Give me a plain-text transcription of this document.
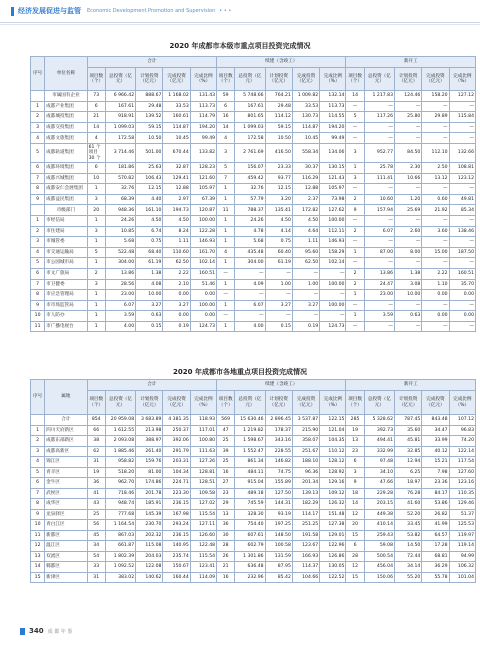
经济发展促进与监管 Economic Development Promotion and Supervision • • •
2020 年成都市本级市重点项目投资完成情况
序号	单位名称	合计					续建（含竣工）					新开工				
		项目数（个）	总投资（亿元）	计划投资（亿元）	完成投资（亿元）	完成比例（%）	项目数（个）	总投资（亿元）	计划投资（亿元）	完成投资（亿元）	完成比例（%）	项目数（个）	总投资（亿元）	计划投资（亿元）	完成投资（亿元）	完成比例（%）
	市属国有企业	73	6 966.42	888.67	1 168.02	131.43	59	5 748.66	764.21	1 009.82	132.14	14	1 217.83	124.46	158.20	127.12
1	成都产业集团	6	167.61	29.48	33.53	113.73	6	167.61	29.48	33.53	113.73	—	—	—	—	—
2	成都城投集团	21	918.91	139.52	160.61	114.79	16	801.65	114.12	130.73	114.55	5	117.26	25.80	29.89	115.84
3	成都交投集团	14	1 099.03	59.15	114.87	194.20	14	1 099.03	59.15	114.87	194.20	—	—	—	—	—
4	成都文旅集团	4	172.58	10.50	10.45	99.49	4	172.58	10.50	10.45	99.49	—	—	—	—	—
5	成都轨道集团	61 个项目 30 个	3 714.46	501.00	670.44	133.82	3	2 761.69	416.50	558.34	134.06	3	952.77	84.50	112.10	132.66
6	成都环境集团	6	181.86	25.63	32.87	128.23	5	156.07	23.33	30.37	130.15	1	25.78	2.30	2.50	108.81
7	成都兴城集团	10	570.82	106.43	129.41	121.60	7	459.42	93.77	116.29	121.43	3	111.41	10.66	13.12	123.12
8	成都安仁会展集团	1	32.76	12.15	12.88	105.97	1	32.76	12.15	12.88	105.97	—	—	—	—	—
9	成都益民集团	3	68.39	4.40	2.97	67.39	1	57.79	3.20	2.37	73.98	2	10.60	1.20	0.60	49.81
	市级部门	20	948.36	161.10	194.73	120.87	11	788.37	135.41	172.82	127.62	9	157.94	25.69	21.92	85.34
1	市经信局	1	24.26	4.50	4.50	100.00	1	24.26	4.50	4.50	100.00	—	—	—	—	—
2	市住建局	3	10.85	6.74	8.24	122.28	1	4.78	4.14	4.64	112.11	2	6.07	2.60	3.60	138.46
3	市城管委	1	5.68	0.75	1.11	146.93	1	5.68	0.75	1.11	146.93	—	—	—	—	—
4	市交通运输局	5	522.48	68.40	110.60	161.70	4	435.48	60.40	95.60	158.29	1	87.00	8.00	15.00	187.50
5	市公园城市局	1	304.00	61.19	62.50	102.14	1	304.00	61.19	62.50	102.14	—	—	—	—	—
6	市文广旅局	2	13.86	1.38	2.22	160.51	—	—	—	—	—	2	13.86	1.38	2.22	160.51
7	市卫健委	3	28.56	4.08	2.10	51.46	1	4.09	1.00	1.00	100.00	2	24.47	3.08	1.10	35.70
8	市应急管理局	1	23.00	10.00	0.00	0.00	—	—	—	—	—	1	23.00	10.00	0.00	0.00
9	市市场监管局	1	6.07	3.27	3.27	100.00	1	6.07	3.27	3.27	100.00	—	—	—	—	—
10	市人防办	1	3.59	0.63	0.00	0.00	—	—	—	—	—	1	3.59	0.63	0.00	0.00
11	市广播电视台	1	4.00	0.15	0.19	124.73	1	4.00	0.15	0.19	124.73	—	—	—	—	—
2020 年成都市各地重点项目投资完成情况
序号	属地	合计					续建（含竣工）					新开工				
		项目数（个）	总投资（亿元）	计划投资（亿元）	完成投资（亿元）	完成比例（%）	项目数（个）	总投资（亿元）	计划投资（亿元）	完成投资（亿元）	完成比例（%）	项目数（个）	总投资（亿元）	计划投资（亿元）	完成投资（亿元）	完成比例（%）
	合计	854	20 959.08	3 683.89	4 381.35	118.93	569	15 630.46	2 896.45	3 537.87	122.15	285	5 328.62	787.45	843.48	107.12
1	四川天府新区	66	1 612.55	213.98	250.37	117.01	47	1 219.82	178.37	215.90	121.04	19	392.73	35.60	34.47	96.83
2	成都东部新区	38	2 093.08	388.97	392.06	100.80	25	1 598.67	343.16	358.07	104.35	13	494.41	45.81	33.99	74.20
3	成都高新区	62	1 885.46	261.40	291.79	111.63	39	1 552.47	228.55	251.67	110.12	23	332.99	32.85	40.12	122.14
4	锦江区	31	958.82	159.76	203.31	127.26	25	861.34	146.82	188.10	128.12	6	97.48	12.94	15.21	117.54
5	青羊区	19	518.20	81.00	104.34	128.81	16	484.11	74.75	96.36	128.92	3	34.10	6.25	7.98	127.60
6	金牛区	36	962.70	174.86	224.71	128.51	27	915.04	155.89	201.34	129.16	9	47.66	18.97	23.36	123.16
7	武侯区	41	718.46	201.78	223.30	109.58	23	489.18	127.50	139.13	109.12	18	229.28	76.28	84.17	110.35
8	成华区	43	948.74	185.91	236.15	127.02	29	745.59	144.31	182.29	126.32	14	203.15	41.60	53.86	129.46
9	龙泉驿区	25	777.68	145.39	167.98	115.54	13	328.30	93.19	114.17	151.48	12	449.38	52.20	26.82	51.37
10	青白江区	56	1 164.54	230.70	293.24	127.11	36	754.40	197.25	251.25	127.38	20	410.14	33.45	41.99	125.53
11	新都区	45	867.03	202.32	236.15	126.60	30	607.61	148.50	191.58	129.01	15	259.43	53.82	64.57	119.97
12	温江区	34	661.87	115.08	140.95	122.48	28	602.79	100.58	123.67	122.96	6	59.08	14.50	17.28	119.14
13	双流区	54	1 802.39	204.03	235.74	115.54	26	1 301.86	131.59	166.93	126.86	28	500.54	72.44	68.81	94.99
14	郫都区	33	1 092.52	122.08	150.67	123.41	21	636.48	87.95	114.37	130.05	12	456.04	34.14	36.29	106.32
15	新津区	31	383.02	140.62	160.44	114.09	16	232.96	85.42	104.66	122.52	15	150.06	55.20	55.78	101.04
340 成 都 年 鉴
